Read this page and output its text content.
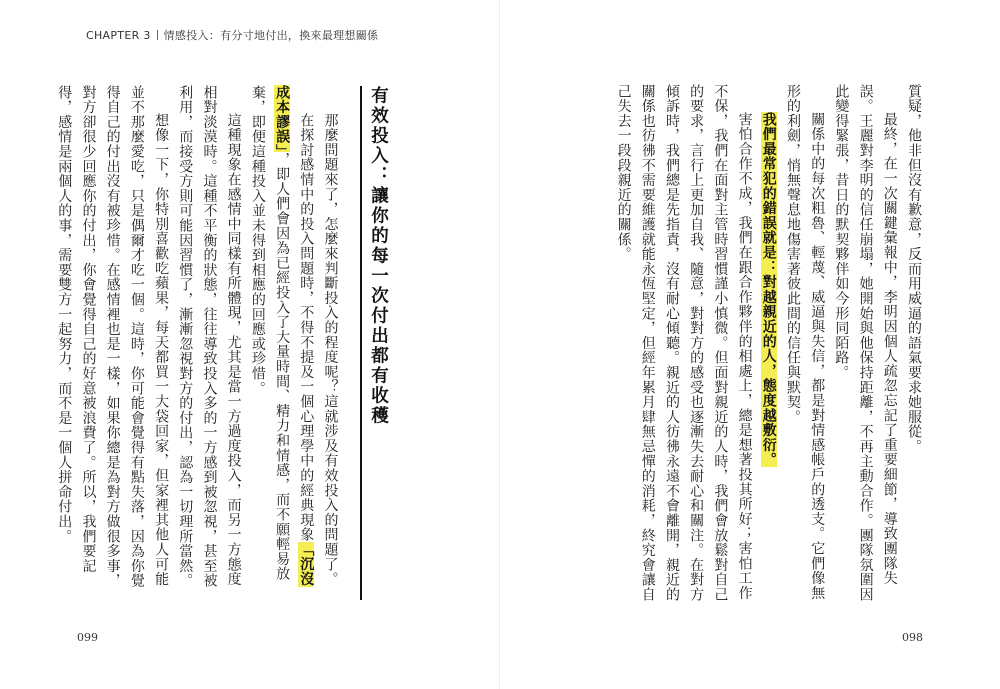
CHAPTER 3 情感投入：有分寸地付出，換來最理想關係

質疑，他非但沒有歉意，反而用威逼的語氣要求她服從。

最終，在一次關鍵彙報中，李明因個人疏忽忘記了重要細節，導致團隊失誤。王麗對李明的信任崩塌，她開始與他保持距離，不再主動合作。團隊氛圍因此變得緊張，昔日的默契夥伴如今形同陌路。

關係中的每次粗魯、輕蔑、威逼與失信，都是對情感帳戶的透支。它們像無形的利劍，悄無聲息地傷害著彼此間的信任與默契。

我們最常犯的錯誤就是：對越親近的人，態度越敷衍。

害怕合作不成，我們在跟合作夥伴的相處上，總是想著投其所好；害怕工作不保，我們在面對主管時習慣謹小慎微。但面對親近的人時，我們會放鬆對自己的要求，言行上更加自我、隨意，對對方的感受也逐漸失去耐心和關注。在對方傾訴時，我們總是先指責，沒有耐心傾聽。親近的人彷彿永遠不會離開，親近的關係也彷彿不需要維護就能永恆堅定，但經年累月肆無忌憚的消耗，終究會讓自己失去一段段親近的關係。

有效投入：讓你的每一次付出都有收穫

那麼問題來了，怎麼來判斷投入的程度呢？這就涉及有效投入的問題了。

在探討感情中的投入問題時，不得不提及一個心理學中的經典現象「沉沒成本謬誤」，即人們會因為已經投入了大量時間、精力和情感，而不願輕易放棄，即便這種投入並未得到相應的回應或珍惜。

這種現象在感情中同樣有所體現，尤其是當一方過度投入，而另一方態度相對淡漠時。這種不平衡的狀態，往往導致投入多的一方感到被忽視，甚至被利用，而接受方則可能因習慣了，漸漸忽視對方的付出，認為一切理所當然。

想像一下，你特別喜歡吃蘋果，每天都買一大袋回家，但家裡其他人可能並不那麼愛吃，只是偶爾才吃一個。這時，你可能會覺得有點失落，因為你覺得自己的付出沒有被珍惜。在感情裡也是一樣，如果你總是為對方做很多事，對方卻很少回應你的付出，你會覺得自己的好意被浪費了。所以，我們要記得，感情是兩個人的事，需要雙方一起努力，而不是一個人拼命付出。

099	098
